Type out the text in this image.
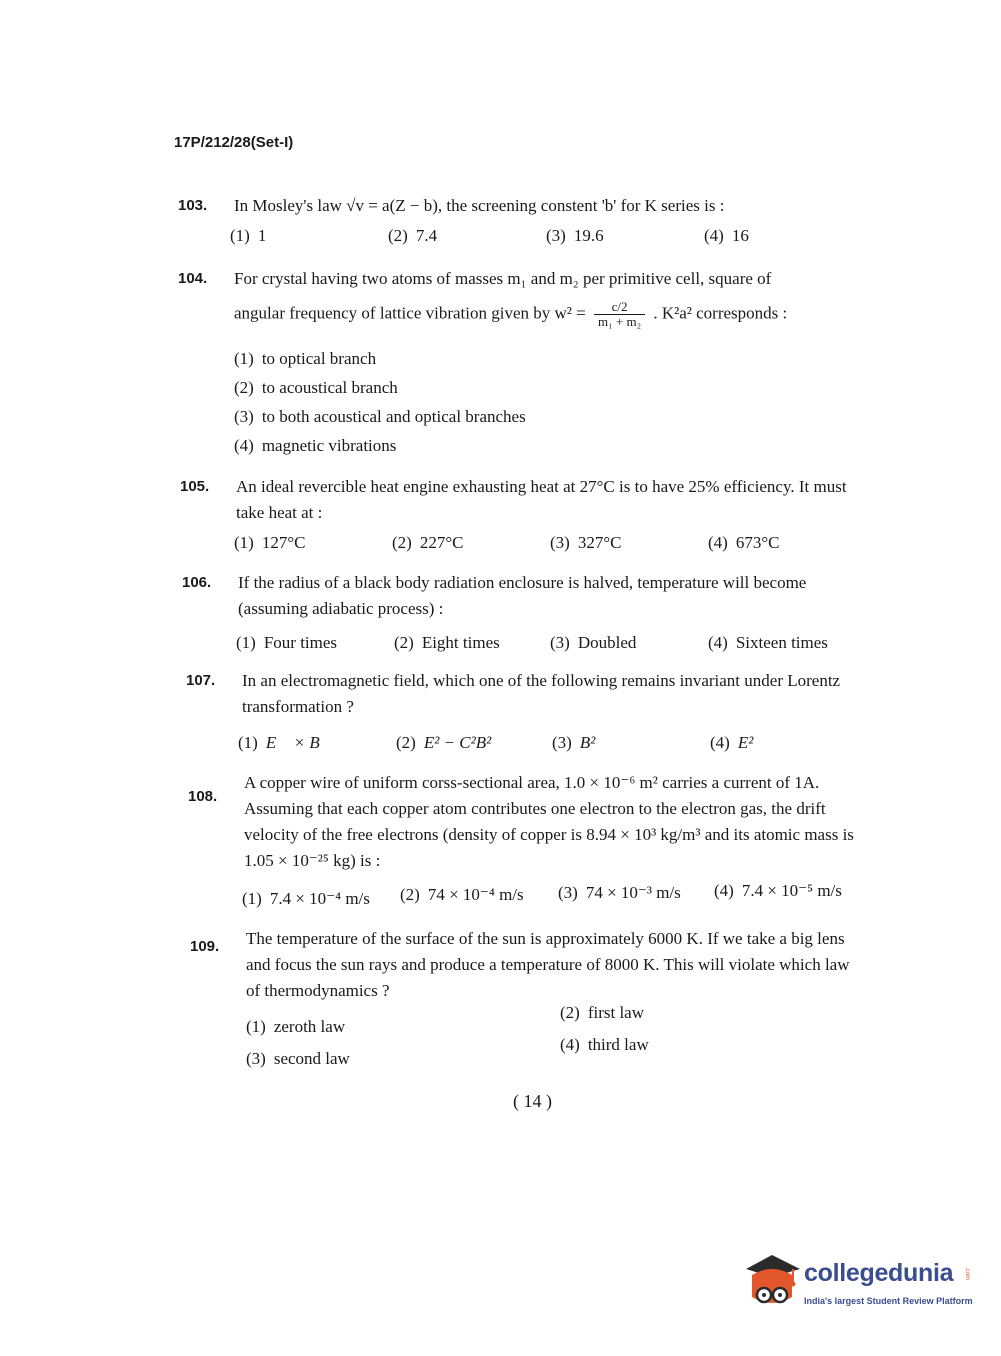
17P/212/28(Set-I)
103. In Mosley's law √v = a(Z − b), the screening constent 'b' for K series is :
(1) 1	(2) 7.4	(3) 19.6	(4) 16
104. For crystal having two atoms of masses m₁ and m₂ per primitive cell, square of
angular frequency of lattice vibration given by $w^2 = \frac{c/2}{\text{m₁ + m₂}}$ . K²a² corresponds :
(1) to optical branch
(2) to acoustical branch
(3) to both acoustical and optical branches
(4) magnetic vibrations
105. An ideal revercible heat engine exhausting heat at 27°C is to have 25% efficiency. It must take heat at :
(1) 127°C	(2) 227°C	(3) 327°C	(4) 673°C
106. If the radius of a black body radiation enclosure is halved, temperature will become (assuming adiabatic process) :
(1) Four times	(2) Eight times	(3) Doubled	(4) Sixteen times
107. In an electromagnetic field, which one of the following remains invariant under Lorentz transformation ?
(1) E⃗ × B⃗	(2) E² − C²B²	(3) B²	(4) E²
108.
A copper wire of uniform corss-sectional area, 1.0 × 10⁻⁶ m² carries a current of 1A. Assuming that each copper atom contributes one electron to the electron gas, the drift velocity of the free electrons (density of copper is 8.94 × 10³ kg/m³ and its atomic mass is 1.05 × 10⁻²⁵ kg) is :
(1) 7.4 × 10⁻⁴ m/s (2) 74 × 10⁻⁴ m/s (3) 74 × 10⁻³ m/s (4) 7.4 × 10⁻⁵ m/s
109. The temperature of the surface of the sun is approximately 6000 K. If we take a big lens and focus the sun rays and produce a temperature of 8000 K. This will violate which law of thermodynamics ?
(1) zeroth law
(2) first law
(3) second law
(4) third law
( 14 )
collegedunia .com
India's largest Student Review Platform
